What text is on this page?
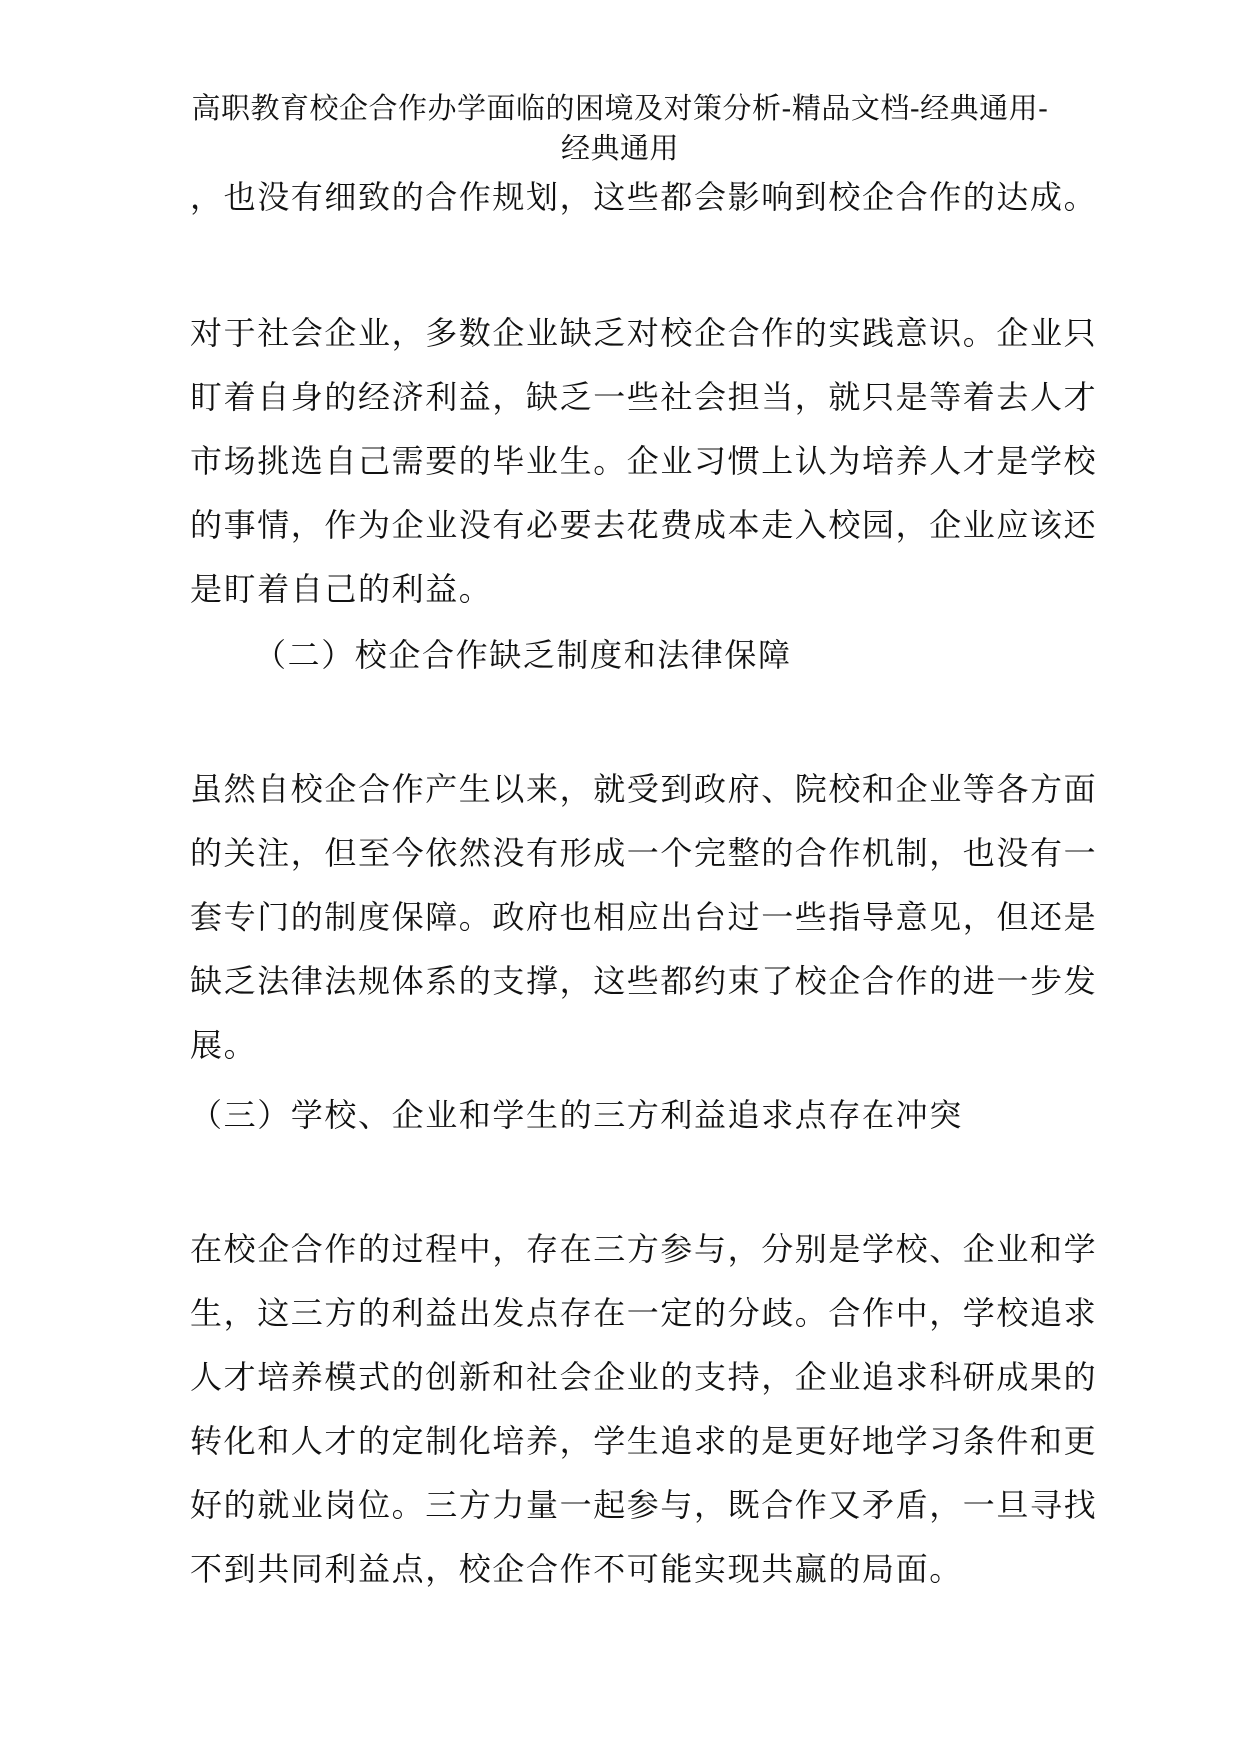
高职教育校企合作办学面临的困境及对策分析-精品文档-经典通用-
经典通用
，也没有细致的合作规划，这些都会影响到校企合作的达成。
对于社会企业，多数企业缺乏对校企合作的实践意识。企业只
盯着自身的经济利益，缺乏一些社会担当，就只是等着去人才
市场挑选自己需要的毕业生。企业习惯上认为培养人才是学校
的事情，作为企业没有必要去花费成本走入校园，企业应该还
是盯着自己的利益。
（二）校企合作缺乏制度和法律保障
虽然自校企合作产生以来，就受到政府、院校和企业等各方面
的关注，但至今依然没有形成一个完整的合作机制，也没有一
套专门的制度保障。政府也相应出台过一些指导意见，但还是
缺乏法律法规体系的支撑，这些都约束了校企合作的进一步发
展。
（三）学校、企业和学生的三方利益追求点存在冲突
在校企合作的过程中，存在三方参与，分别是学校、企业和学
生，这三方的利益出发点存在一定的分歧。合作中，学校追求
人才培养模式的创新和社会企业的支持，企业追求科研成果的
转化和人才的定制化培养，学生追求的是更好地学习条件和更
好的就业岗位。三方力量一起参与，既合作又矛盾，一旦寻找
不到共同利益点，校企合作不可能实现共赢的局面。
